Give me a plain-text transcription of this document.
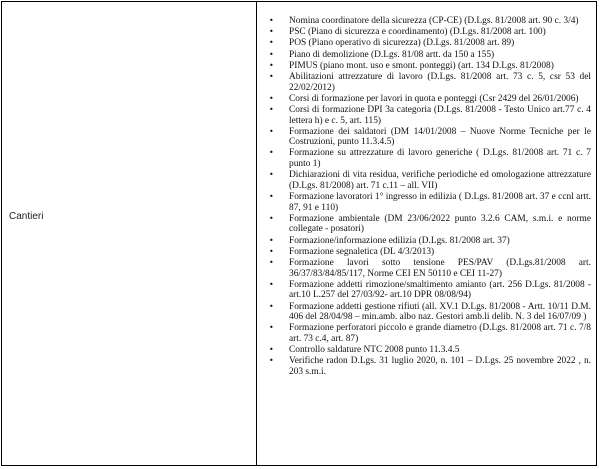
Cantieri
•	Nomina coordinatore della sicurezza (CP-CE) (D.Lgs. 81/2008 art. 90 c. 3/4)
•	PSC (Piano di sicurezza e coordinamento) (D.Lgs. 81/2008 art. 100)
•	POS (Piano operativo di sicurezza) (D.Lgs. 81/2008 art. 89)
•	Piano di demolizione (D.Lgs. 81/08 artt. da 150 a 155)
•	PIMUS (piano mont. uso e smont. ponteggi) (art. 134 D.Lgs. 81/2008)
•	Abilitazioni attrezzature di lavoro (D.Lgs. 81/2008 art. 73 c. 5, csr 53 del 22/02/2012)
•	Corsi di formazione per lavori in quota e ponteggi (Csr 2429 del 26/01/2006)
•	Corsi di formazione DPI 3a categoria (D.Lgs. 81/2008 - Testo Unico art.77 c. 4 lettera h) e c. 5, art. 115)
•	Formazione dei saldatori (DM 14/01/2008 – Nuove Norme Tecniche per le Costruzioni, punto 11.3.4.5)
•	Formazione su attrezzature di lavoro generiche ( D.Lgs. 81/2008 art. 71 c. 7 punto 1)
•	Dichiarazioni di vita residua, verifiche periodiche ed omologazione attrezzature (D.Lgs. 81/2008) art. 71 c.11 – all. VII)
•	Formazione lavoratori 1° ingresso in edilizia ( D.Lgs. 81/2008 art. 37 e ccnl artt. 87, 91 e 110)
•	Formazione ambientale (DM 23/06/2022 punto 3.2.6 CAM, s.m.i. e norme collegate - posatori)
•	Formazione/informazione edilizia (D.Lgs. 81/2008 art. 37)
•	Formazione segnaletica (DL 4/3/2013)
•	Formazione lavori sotto tensione PES/PAV (D.Lgs.81/2008 art. 36/37/83/84/85/117, Norme CEI EN 50110 e CEI 11-27)
•	Formazione addetti rimozione/smaltimento amianto (art. 256 D.Lgs. 81/2008 - art.10 L.257 del 27/03/92- art.10 DPR 08/08/94)
•	Formazione addetti gestione rifiuti (all. XV.1 D.Lgs. 81/2008 - Artt. 10/11 D.M. 406 del 28/04/98 – min.amb. albo naz. Gestori amb.li delib. N. 3 del 16/07/09 )
•	Formazione perforatori piccolo e grande diametro (D.Lgs. 81/2008 art. 71 c. 7/8 art. 73 c.4, art. 87)
•	Controllo saldature NTC 2008 punto 11.3.4.5
•	Verifiche radon D.Lgs. 31 luglio 2020, n. 101 – D.Lgs. 25 novembre 2022 , n. 203 s.m.i.
